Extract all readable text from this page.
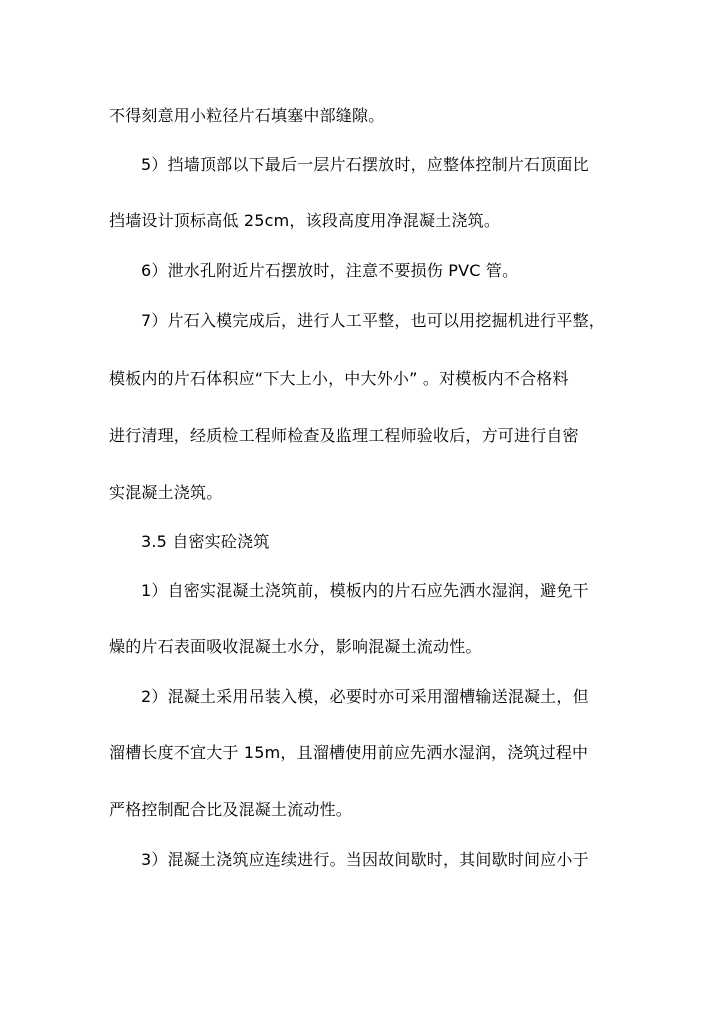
不得刻意用小粒径片石填塞中部缝隙。
5）挡墙顶部以下最后一层片石摆放时，应整体控制片石顶面比
挡墙设计顶标高低 25cm，该段高度用净混凝土浇筑。
6）泄水孔附近片石摆放时，注意不要损伤 PVC 管。
7）片石入模完成后，进行人工平整，也可以用挖掘机进行平整，
模板内的片石体积应“下大上小，中大外小” 。对模板内不合格料
进行清理，经质检工程师检查及监理工程师验收后，方可进行自密
实混凝土浇筑。
3.5 自密实砼浇筑
1）自密实混凝土浇筑前，模板内的片石应先洒水湿润，避免干
燥的片石表面吸收混凝土水分，影响混凝土流动性。
2）混凝土采用吊装入模，必要时亦可采用溜槽输送混凝土，但
溜槽长度不宜大于 15m，且溜槽使用前应先洒水湿润，浇筑过程中
严格控制配合比及混凝土流动性。
3）混凝土浇筑应连续进行。当因故间歇时，其间歇时间应小于
